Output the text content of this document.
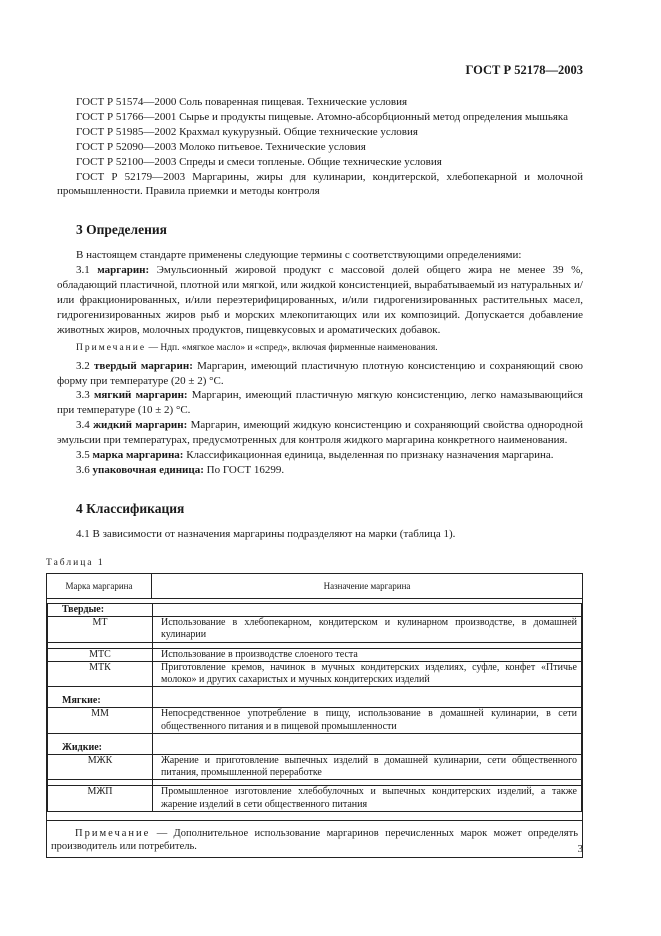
ГОСТ Р 52178—2003

ГОСТ Р 51574—2000 Соль поваренная пищевая. Технические условия

ГОСТ Р 51766—2001 Сырье и продукты пищевые. Атомно-абсорбционный метод определения мышьяка

ГОСТ Р 51985—2002 Крахмал кукурузный. Общие технические условия

ГОСТ Р 52090—2003 Молоко питьевое. Технические условия

ГОСТ Р 52100—2003 Спреды и смеси топленые. Общие технические условия

ГОСТ Р 52179—2003 Маргарины, жиры для кулинарии, кондитерской, хлебопекарной и молочной промышленности. Правила приемки и методы контроля

3 Определения

В настоящем стандарте применены следующие термины с соответствующими определениями:

3.1 маргарин: Эмульсионный жировой продукт с массовой долей общего жира не менее 39 %, обладающий пластичной, плотной или мягкой, или жидкой консистенцией, вырабатываемый из натуральных и/или фракционированных, и/или переэтерифицированных, и/или гидрогенизированных растительных масел, гидрогенизированных жиров рыб и морских млекопитающих или их композиций. Допускается добавление животных жиров, молочных продуктов, пищевкусовых и ароматических добавок.

Примечание — Ндп. «мягкое масло» и «спред», включая фирменные наименования.

3.2 твердый маргарин: Маргарин, имеющий пластичную плотную консистенцию и сохраняющий свою форму при температуре (20 ± 2) °С.

3.3 мягкий маргарин: Маргарин, имеющий пластичную мягкую консистенцию, легко намазывающийся при температуре (10 ± 2) °С.

3.4 жидкий маргарин: Маргарин, имеющий жидкую консистенцию и сохраняющий свойства однородной эмульсии при температурах, предусмотренных для контроля жидкого маргарина конкретного наименования.

3.5 марка маргарина: Классификационная единица, выделенная по признаку назначения маргарина.

3.6 упаковочная единица: По ГОСТ 16299.

4 Классификация

4.1 В зависимости от назначения маргарины подразделяют на марки (таблица 1).

Таблица 1
Марка маргарина	Назначение маргарина

Твердые:	
МТ	Использование в хлебопекарном, кондитерском и кулинарном производстве, в домашней кулинарии

МТС	Использование в производстве слоеного теста
МТК	Приготовление кремов, начинок в мучных кондитерских изделиях, суфле, конфет «Птичье молоко» и других сахаристых и мучных кондитерских изделий
Мягкие:	
ММ	Непосредственное употребление в пищу, использование в домашней кулинарии, в сети общественного питания и в пищевой промышленности
Жидкие:	
МЖК	Жарение и приготовление выпечных изделий в домашней кулинарии, сети общественного питания, промышленной переработке

МЖП	Промышленное изготовление хлебобулочных и выпечных кондитерских изделий, а также жарение изделий в сети общественного питания

Примечание — Дополнительное использование маргаринов перечисленных марок может определять производитель или потребитель.	3
